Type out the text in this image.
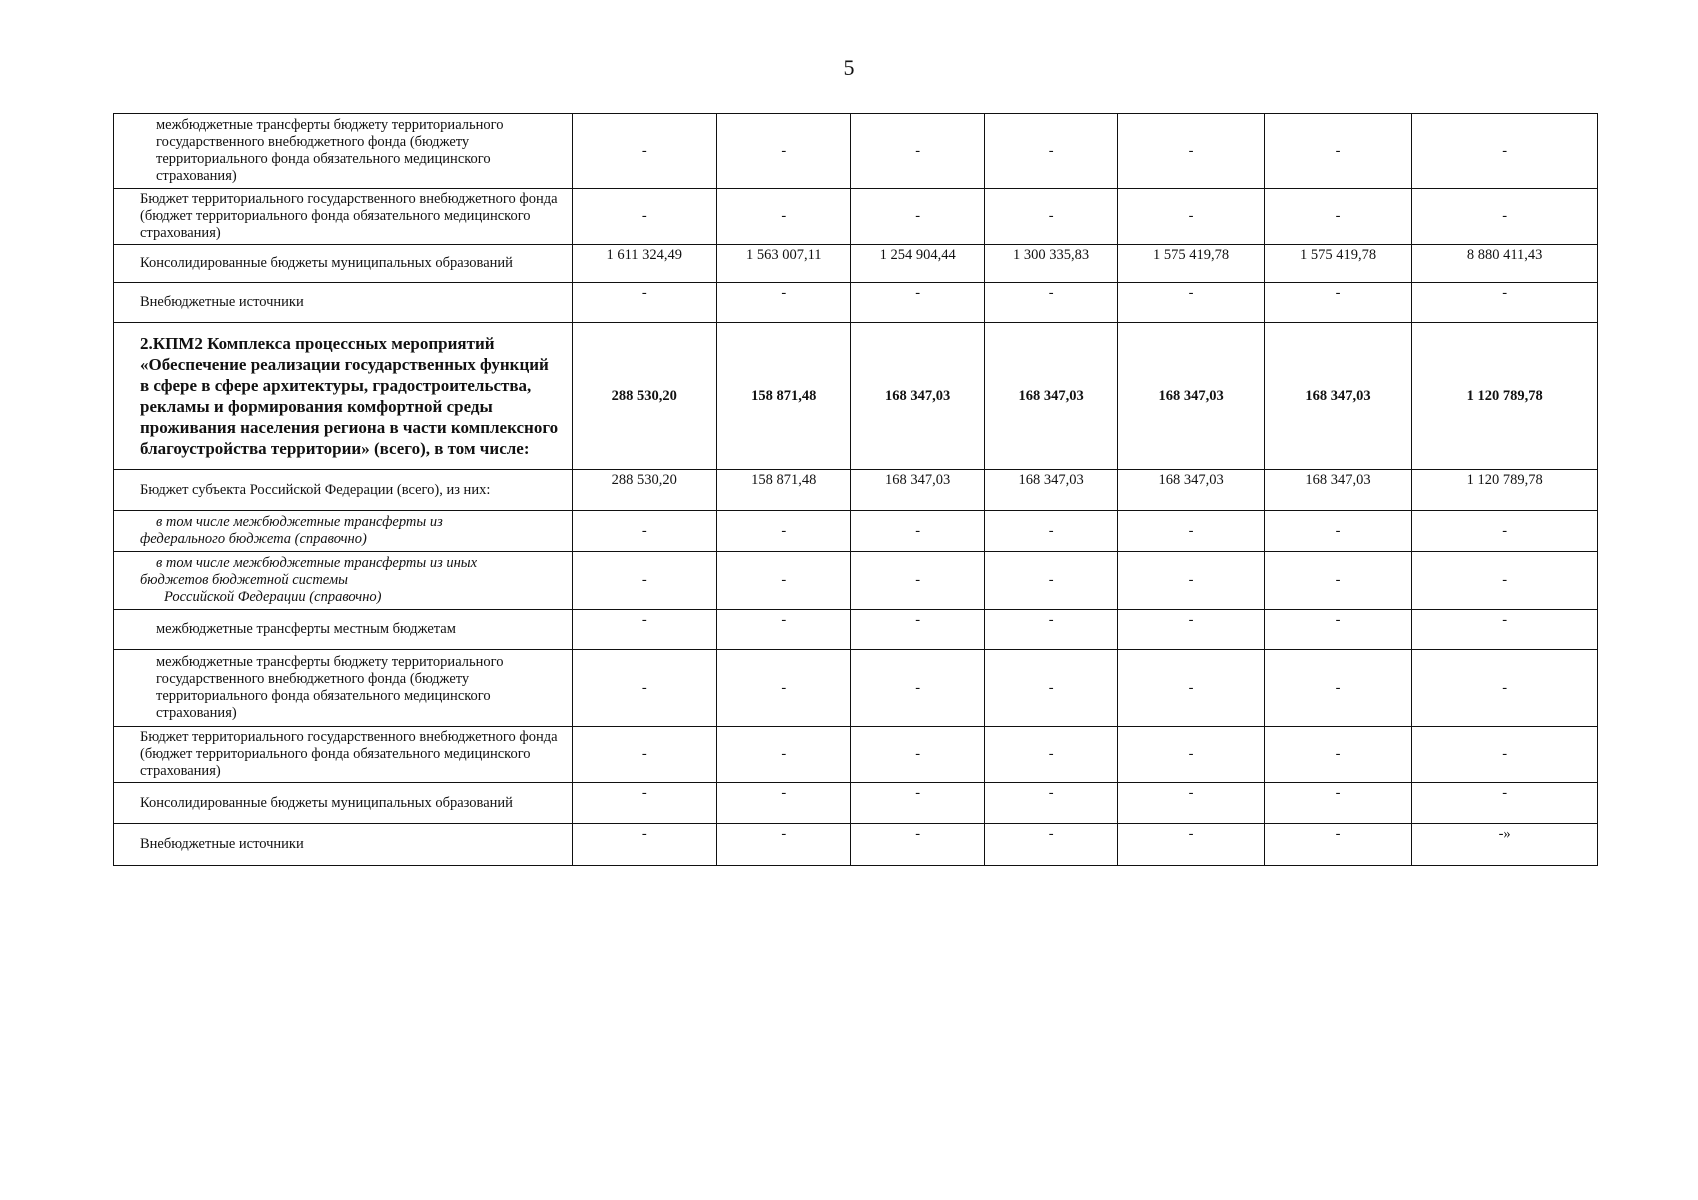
5
межбюджетные трансферты бюджету территориального государственного внебюджетного фонда (бюджету территориального фонда обязательного медицинского страхования)	-	-	-	-	-	-	-
Бюджет территориального государственного внебюджетного фонда (бюджет территориального фонда обязательного медицинского страхования)	-	-	-	-	-	-	-
Консолидированные бюджеты муниципальных образований	1 611 324,49	1 563 007,11	1 254 904,44	1 300 335,83	1 575 419,78	1 575 419,78	8 880 411,43
Внебюджетные источники	-	-	-	-	-	-	-
2.КПМ2 Комплекса процессных мероприятий «Обеспечение реализации государственных функций в сфере в сфере архитектуры, градостроительства, рекламы и формирования комфортной среды проживания населения региона в части комплексного благоустройства территории» (всего), в том числе:	288 530,20	158 871,48	168 347,03	168 347,03	168 347,03	168 347,03	1 120 789,78
Бюджет субъекта Российской Федерации (всего), из них:	288 530,20	158 871,48	168 347,03	168 347,03	168 347,03	168 347,03	1 120 789,78

в том числе межбюджетные трансферты из
федерального бюджета (справочно)	-	-	-	-	-	-	-

в том числе межбюджетные трансферты из иных
бюджетов бюджетной системы
Российской Федерации (справочно)	-	-	-	-	-	-	-
межбюджетные трансферты местным бюджетам	-	-	-	-	-	-	-
межбюджетные трансферты бюджету территориального государственного внебюджетного фонда (бюджету территориального фонда обязательного медицинского страхования)	-	-	-	-	-	-	-
Бюджет территориального государственного внебюджетного фонда (бюджет территориального фонда обязательного медицинского страхования)	-	-	-	-	-	-	-
Консолидированные бюджеты муниципальных образований	-	-	-	-	-	-	-
Внебюджетные источники	-	-	-	-	-	-	-»
